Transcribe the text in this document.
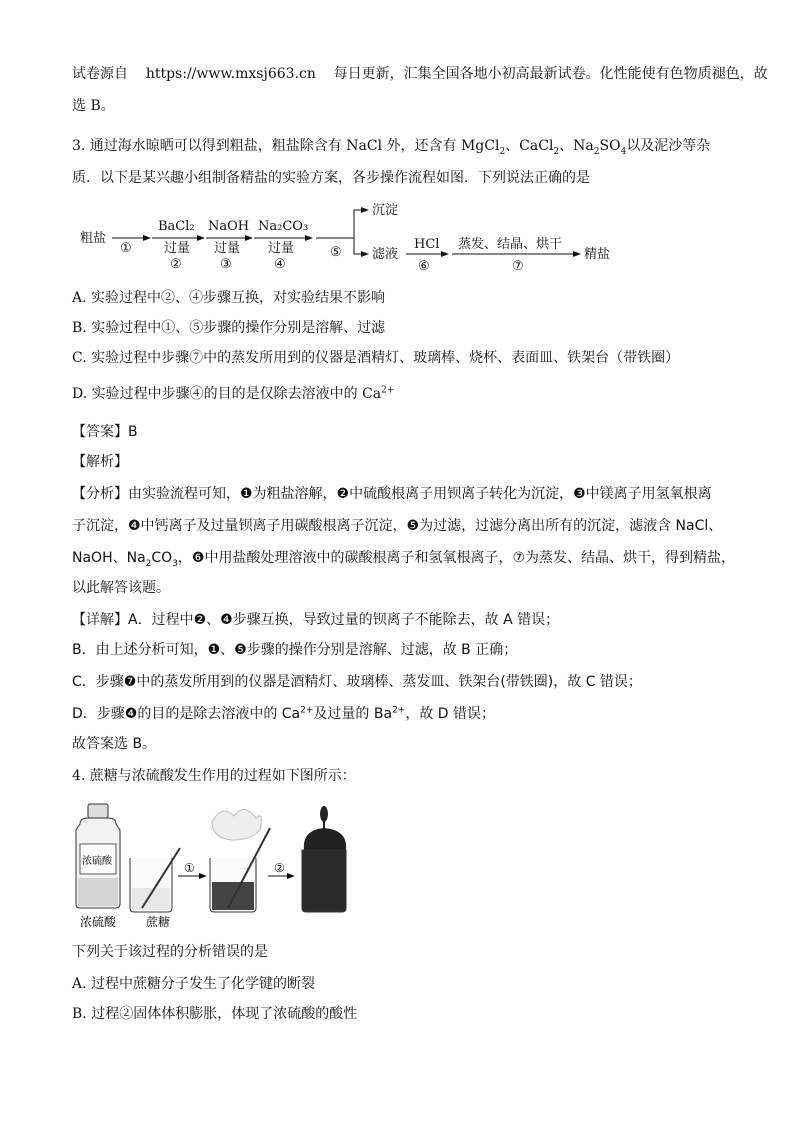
试卷源自 https://www.mxsj663.cn 每日更新，汇集全国各地小初高最新试卷。化性能使有色物质褪色，故
选 B。
3. 通过海水晾晒可以得到粗盐，粗盐除含有 NaCl 外，还含有 MgCl$_2$、CaCl$_2$、$Na_2SO_4$以及泥沙等杂
质．以下是某兴趣小组制备精盐的实验方案，各步操作流程如图．下列说法正确的是
粗盐
①
BaCl₂
过量
②
NaOH
过量
③
Na₂CO₃
过量
④
⑤
沉淀
滤液
HCl
⑥
蒸发、结晶、烘干
⑦
精盐
A. 实验过程中②、④步骤互换，对实验结果不影响
B. 实验过程中①、⑤步骤的操作分别是溶解、过滤
C. 实验过程中步骤⑦中的蒸发所用到的仪器是酒精灯、玻璃棒、烧杯、表面皿、铁架台（带铁圈）
D. 实验过程中步骤④的目的是仅除去溶液中的 $Ca^{2+}$
【答案】B
【解析】
【分析】由实验流程可知，❶为粗盐溶解，❷中硫酸根离子用钡离子转化为沉淀，❸中镁离子用氢氧根离
子沉淀，❹中钙离子及过量钡离子用碳酸根离子沉淀，❺为过滤，过滤分离出所有的沉淀，滤液含 NaCl、
NaOH、$Na_2CO_3$，❻中用盐酸处理溶液中的碳酸根离子和氢氧根离子，⑦为蒸发、结晶、烘干，得到精盐，
以此解答该题。
【详解】A．过程中❷、❹步骤互换，导致过量的钡离子不能除去，故 A 错误；
B．由上述分析可知，❶、❺步骤的操作分别是溶解、过滤，故 B 正确；
C．步骤❼中的蒸发所用到的仪器是酒精灯、玻璃棒、蒸发皿、铁架台(带铁圈)，故 C 错误；
D．步骤❹的目的是除去溶液中的 $Ca^{2+}$及过量的 $Ba^{2+}$，故 D 错误；
故答案选 B。
4. 蔗糖与浓硫酸发生作用的过程如下图所示：
浓硫酸
浓硫酸 蔗糖
①	②
下列关于该过程的分析错误的是
A. 过程中蔗糖分子发生了化学键的断裂
B. 过程②固体体积膨胀，体现了浓硫酸的酸性
